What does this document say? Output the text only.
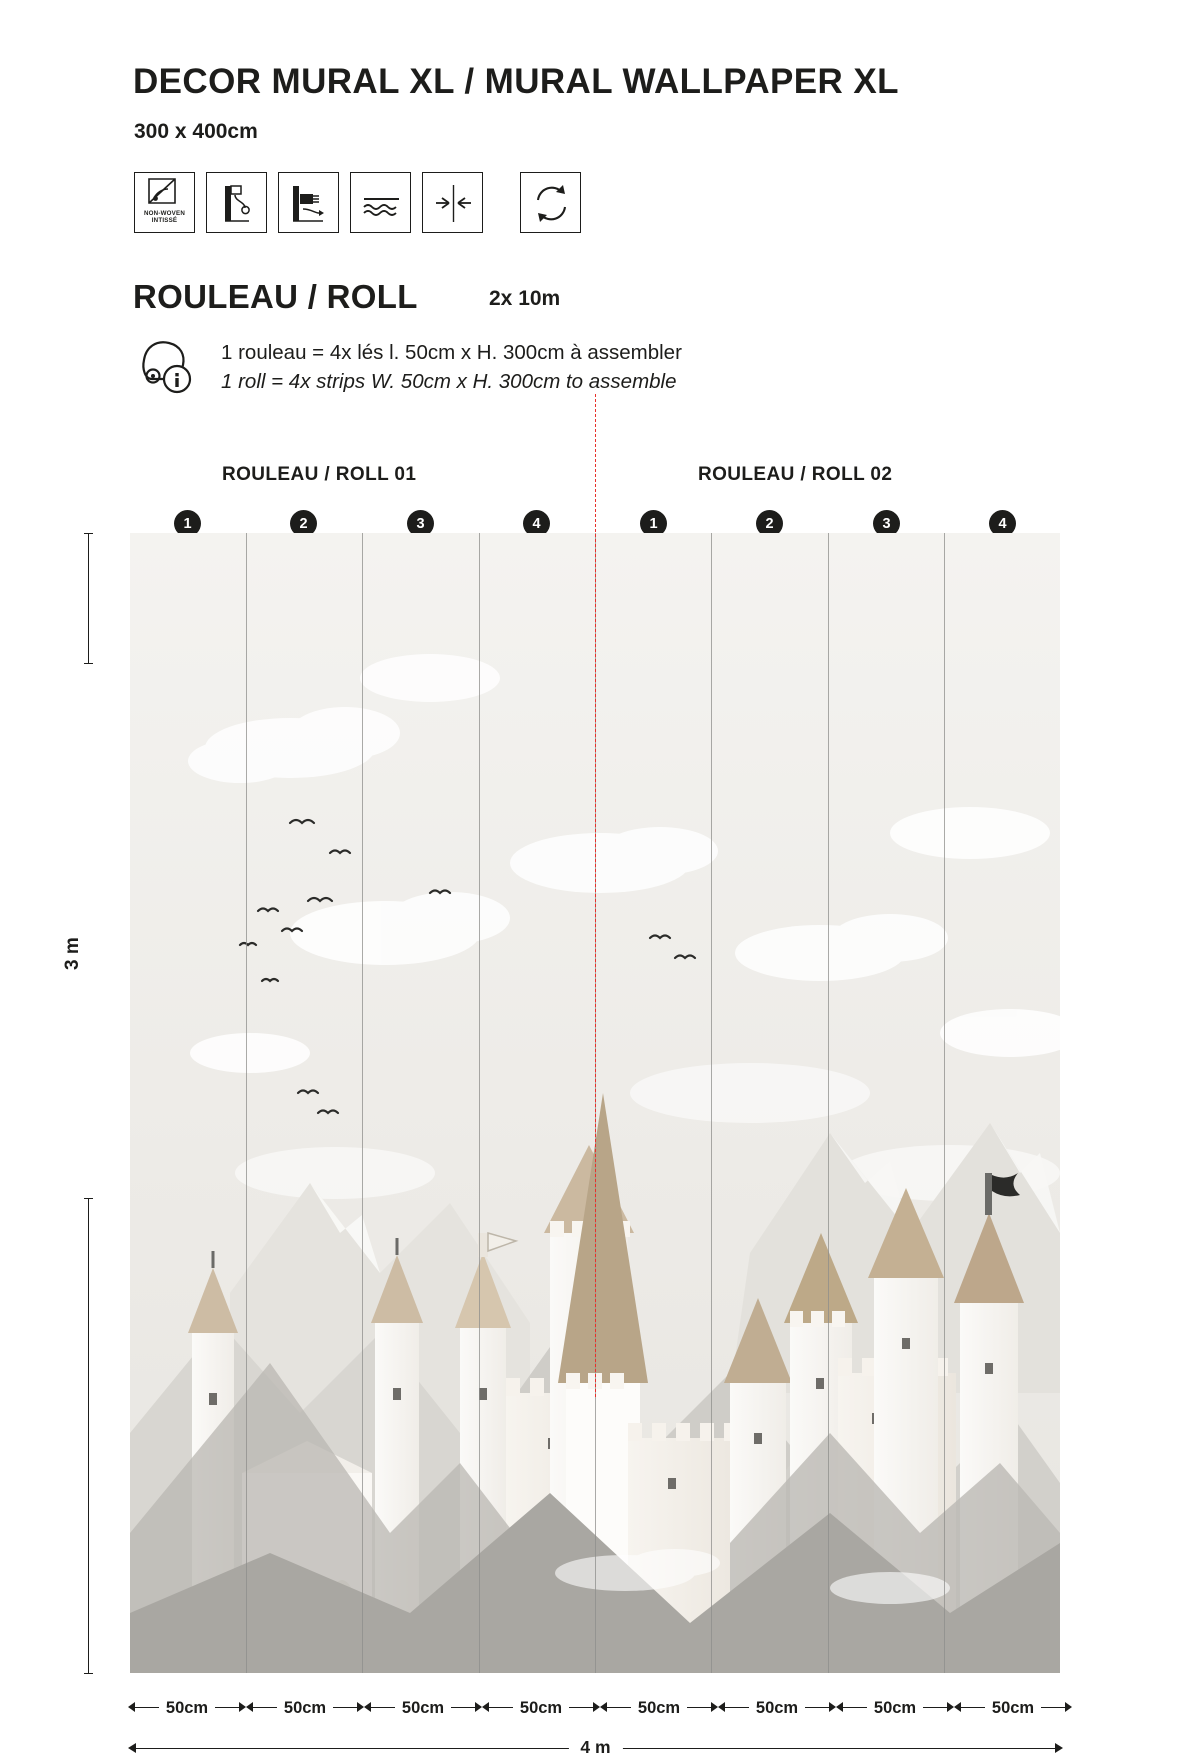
DECOR MURAL XL / MURAL WALLPAPER XL
300 x 400cm
NON-WOVEN
INTISSÉ
ROULEAU / ROLL	2x 10m
1 rouleau = 4x lés l. 50cm x H. 300cm à assembler
1 roll = 4x strips W. 50cm x H. 300cm to assemble
ROULEAU / ROLL 01	ROULEAU / ROLL 02
1	2	3	4	1	2	3	4
3 m
50cm	50cm	50cm	50cm	50cm	50cm	50cm	50cm
4 m
